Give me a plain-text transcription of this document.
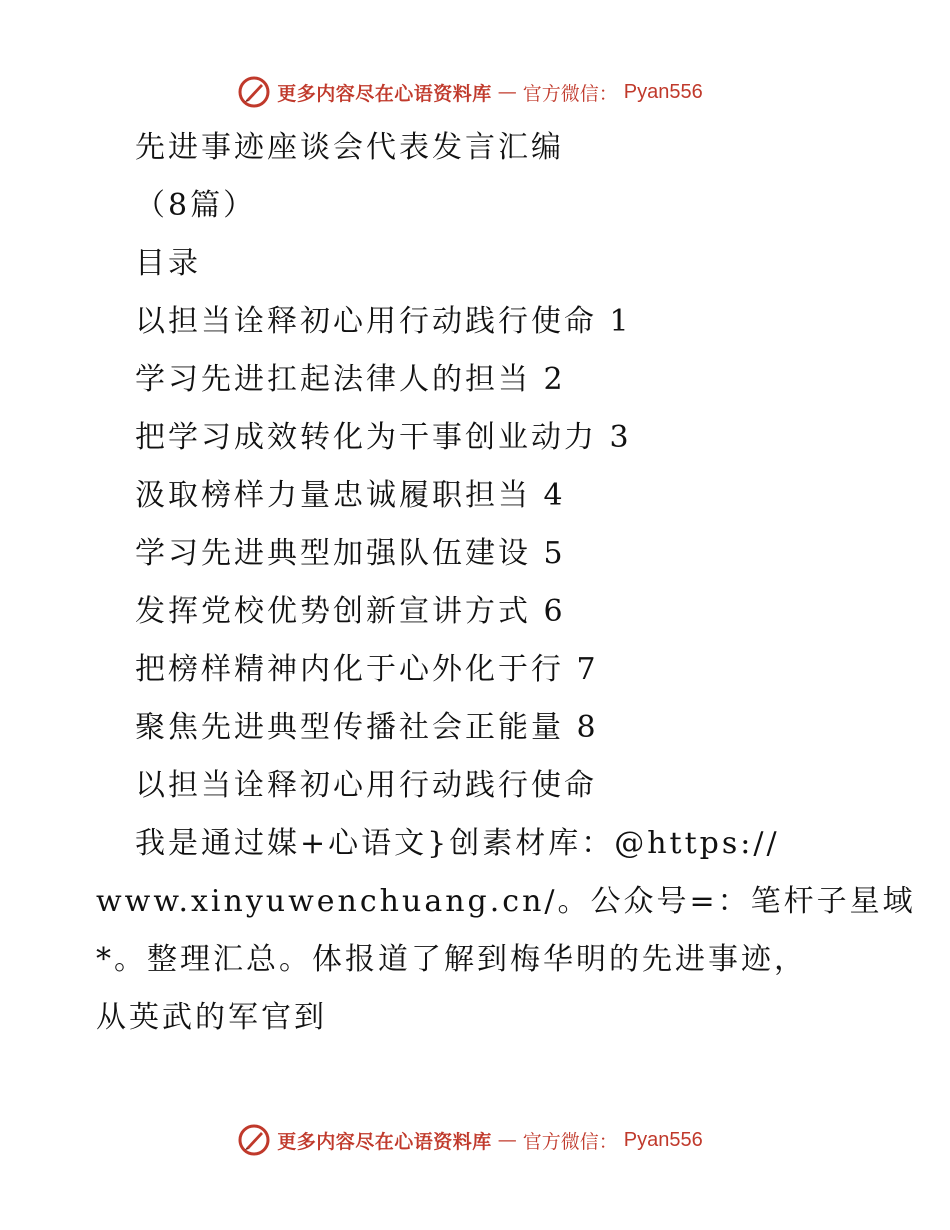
更多内容尽在心语资料库 — 官方微信： Pyan556
先进事迹座谈会代表发言汇编
（8篇）
目录
以担当诠释初心用行动践行使命 1
学习先进扛起法律人的担当 2
把学习成效转化为干事创业动力 3
汲取榜样力量忠诚履职担当 4
学习先进典型加强队伍建设 5
发挥党校优势创新宣讲方式 6
把榜样精神内化于心外化于行 7
聚焦先进典型传播社会正能量 8
以担当诠释初心用行动践行使命
我是通过媒+心语文}创素材库：@https://
www.xinyuwenchuang.cn/。公众号=：笔杆子星域
*。整理汇总。体报道了解到梅华明的先进事迹，
从英武的军官到
更多内容尽在心语资料库 — 官方微信： Pyan556
